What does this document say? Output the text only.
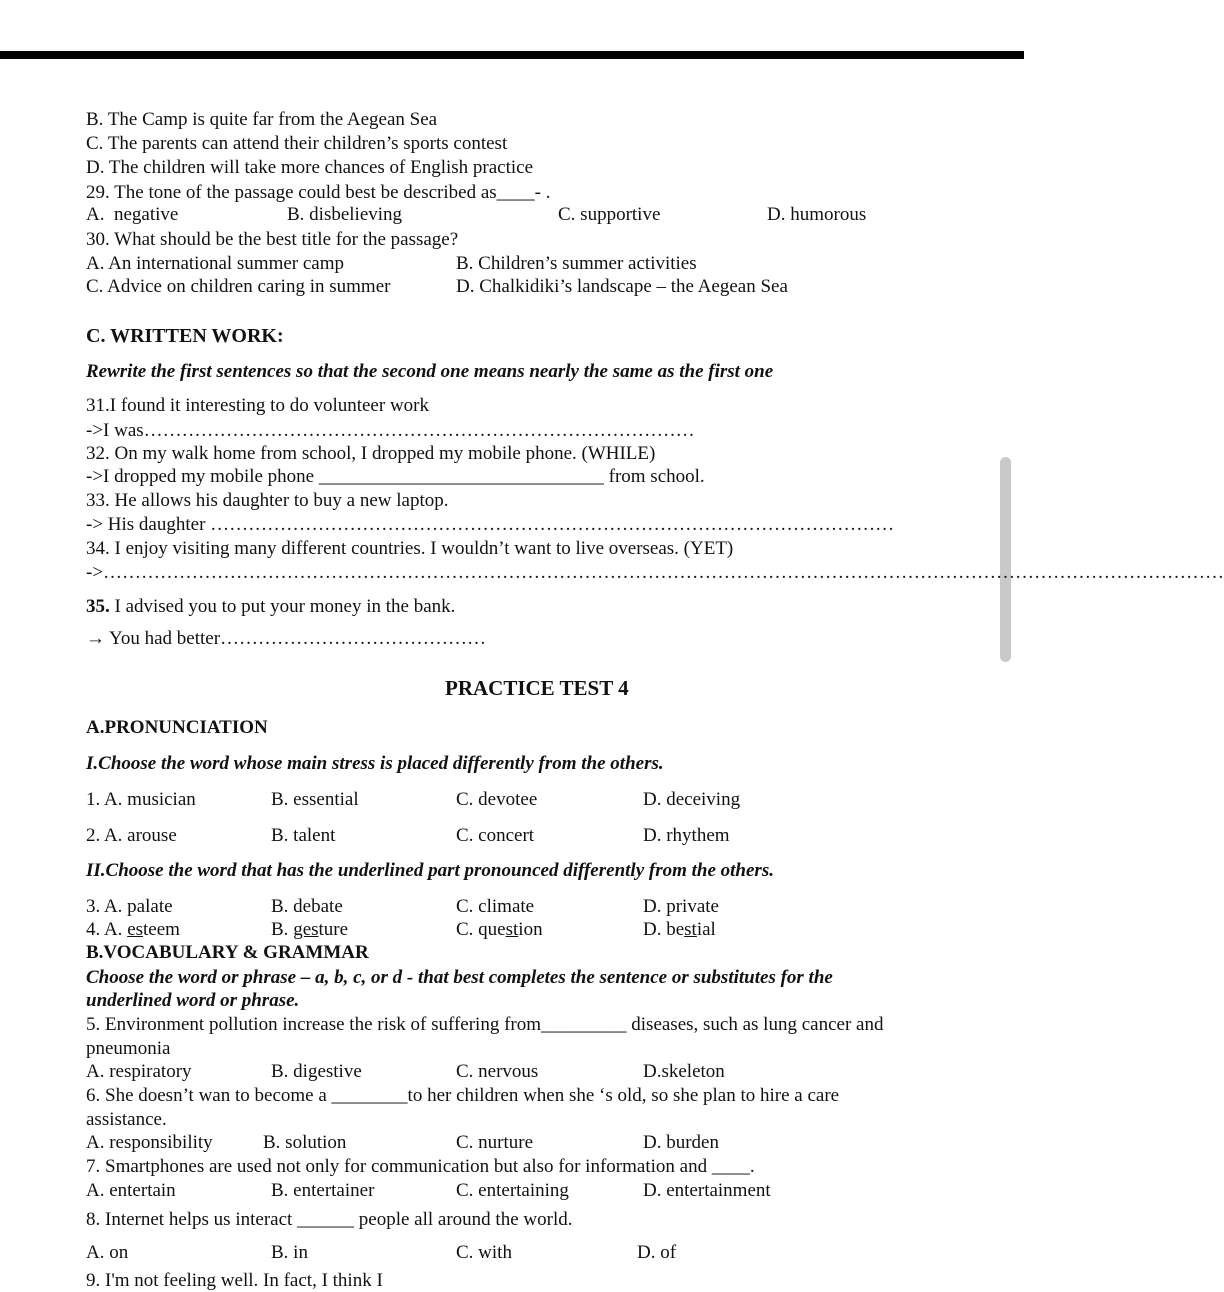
B. The Camp is quite far from the Aegean Sea
C. The parents can attend their children’s sports contest
D. The children will take more chances of English practice
29. The tone of the passage could best be described as____- .
A.  negative	B. disbelieving	C. supportive	D. humorous
30. What should be the best title for the passage?
A. An international summer camp	B. Children’s summer activities
C. Advice on children caring in summer	D. Chalkidiki’s landscape – the Aegean Sea
C. WRITTEN WORK:
Rewrite the first sentences so that the second one means nearly the same as the first one
31.I found it interesting to do volunteer work
->I was……………………………………………………………………………
32. On my walk home from school, I dropped my mobile phone. (WHILE)
->I dropped my mobile phone ______________________________ from school.
33. He allows his daughter to buy a new laptop.
-> His daughter ………………………………………………………………………………………………
34. I enjoy visiting many different countries. I wouldn’t want to live overseas. (YET)
->……………………………………………………………………………………………………………………………………………………………
35. I advised you to put your money in the bank.
→ You had better……………………………………
PRACTICE TEST 4
A.PRONUNCIATION
I.Choose the word whose main stress is placed differently from the others.
1. A. musician	B. essential	C. devotee	D. deceiving
2. A. arouse	B. talent	C. concert	D. rhythem
II.Choose the word that has the underlined part pronounced differently from the others.
3. A. palate	B. debate	C. climate	D. private
4. A. esteem	B. gesture	C. question	D. bestial
B.VOCABULARY & GRAMMAR
Choose the word or phrase – a, b, c, or d - that best completes the sentence or substitutes for the
underlined word or phrase.
5. Environment pollution increase the risk of suffering from_________ diseases, such as lung cancer and
pneumonia
A. respiratory	B. digestive	C. nervous	D.skeleton
6. She doesn’t wan to become a ________to her children when she ‘s old, so she plan to hire a care
assistance.
A. responsibility	B. solution	C. nurture	D. burden
7. Smartphones are used not only for communication but also for information and ____.
A. entertain	B. entertainer	C. entertaining	D. entertainment
8. Internet helps us interact ______ people all around the world.
A. on	B. in	C. with	D. of
9. I'm not feeling well. In fact, I think I
